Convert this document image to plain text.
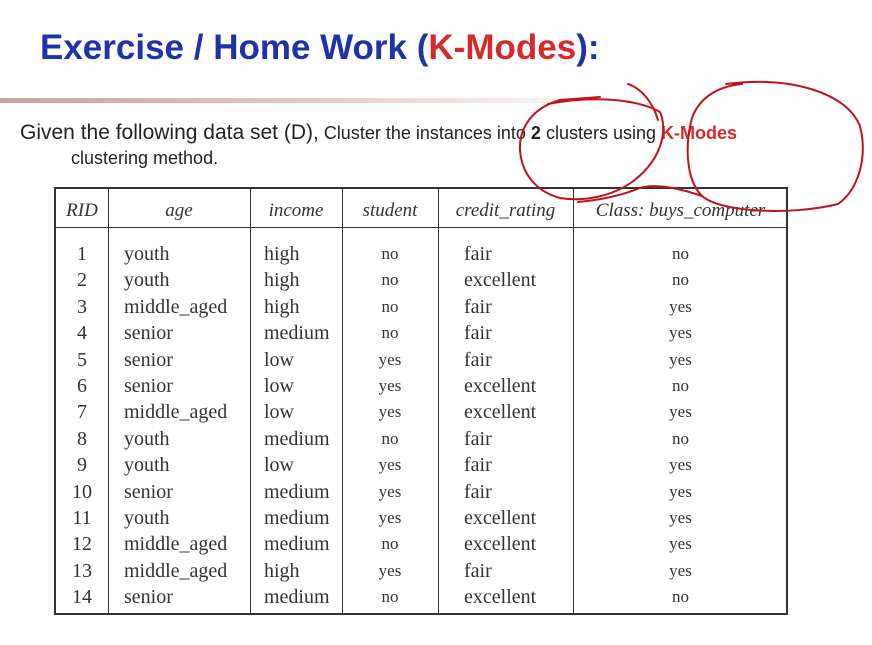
Exercise / Home Work (K-Modes):
Given the following data set (D), Cluster the instances into 2 clusters using K-Modes
clustering method.
RID	age	income	student	credit_rating	Class: buys_computer
1	youth	high	no	fair	no
2	youth	high	no	excellent	no
3	middle_aged high	no	fair	yes
4	senior	medium	no	fair	yes
5	senior	low	yes	fair	yes
6	senior	low	yes	excellent	no
7	middle_aged low	yes	excellent	yes
8	youth	medium	no	fair	no
9	youth	low	yes	fair	yes
10	senior	medium	yes	fair	yes
11	youth	medium	yes	excellent	yes
12	middle_aged medium	no	excellent	yes
13	middle_aged high	yes	fair	yes
14	senior	medium	no	excellent	no
